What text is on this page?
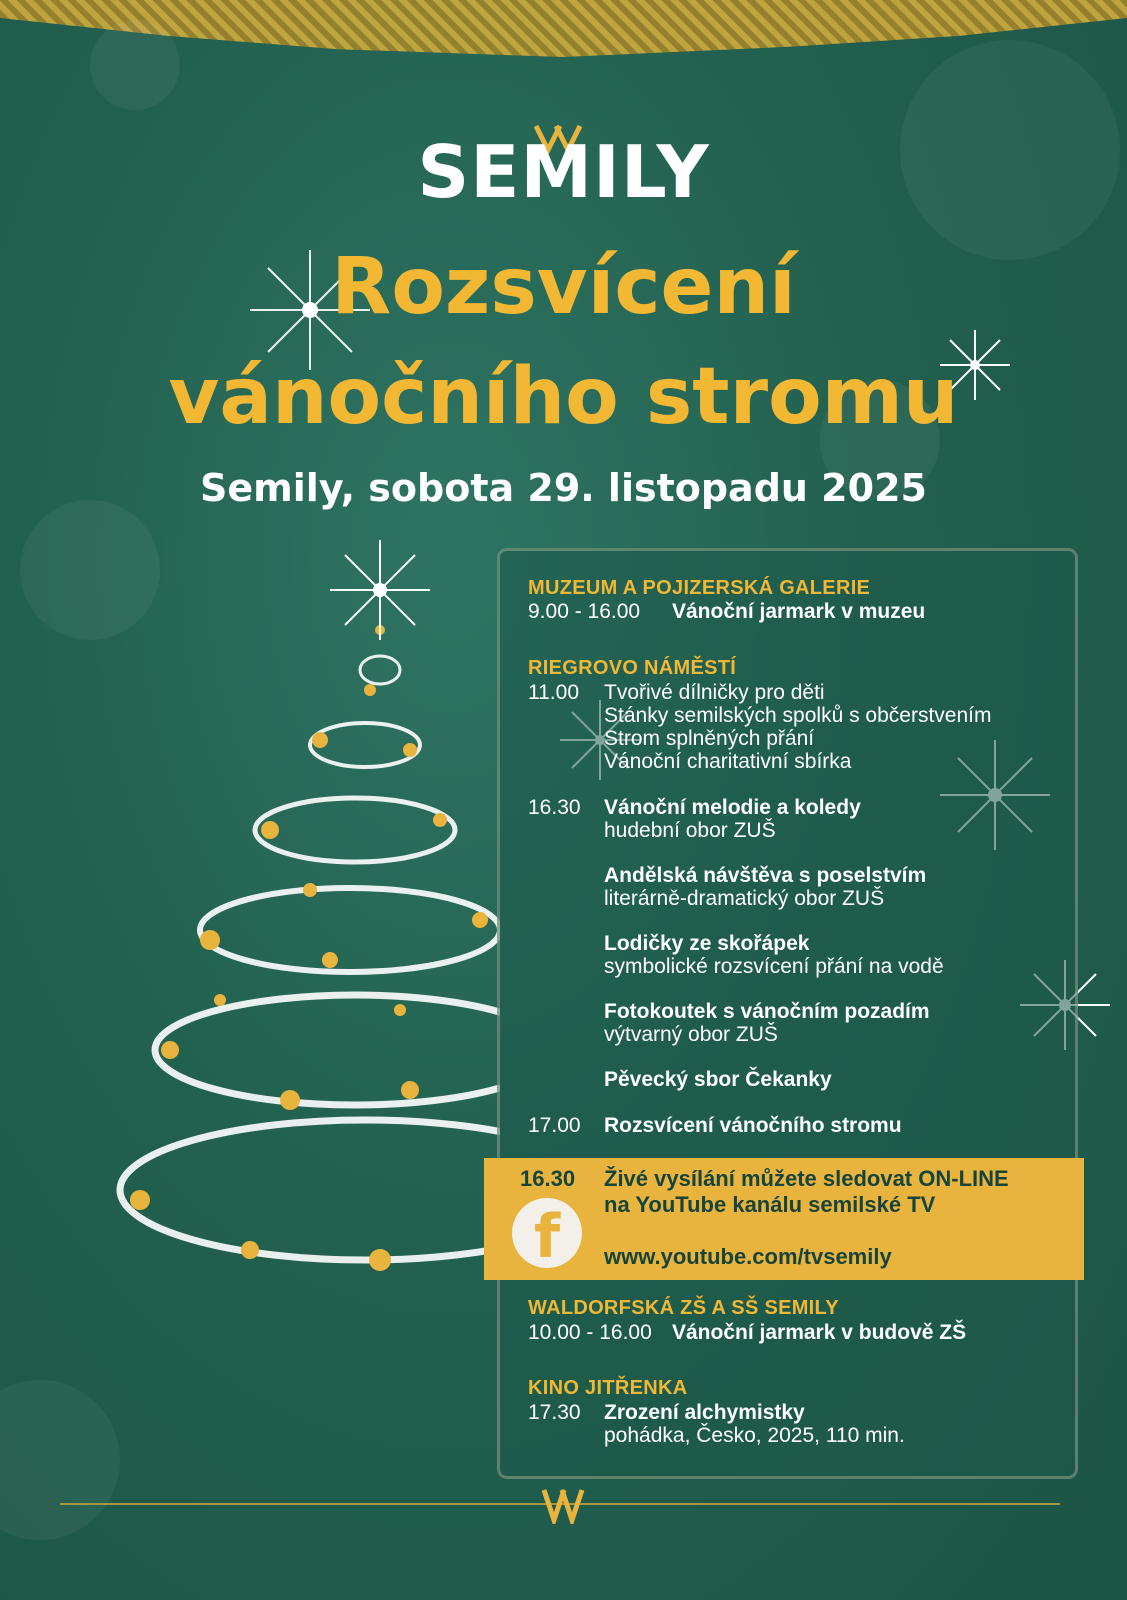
SEMILY
Rozsvícení
vánočního stromu
Semily, sobota 29. listopadu 2025
MUZEUM A POJIZERSKÁ GALERIE
9.00 - 16.00 Vánoční jarmark v muzeu
RIEGROVO NÁMĚSTÍ
11.00 Tvořivé dílničky pro děti
Stánky semilských spolků s občerstvením
Strom splněných přání
Vánoční charitativní sbírka
16.30 Vánoční melodie a koledy
hudební obor ZUŠ
Andělská návštěva s poselstvím
literárně-dramatický obor ZUŠ
Lodičky ze skořápek
symbolické rozsvícení přání na vodě
Fotokoutek s vánočním pozadím
výtvarný obor ZUŠ
Pěvecký sbor Čekanky
17.00 Rozsvícení vánočního stromu
16.30 Živé vysílání můžete sledovat ON-LINE
na YouTube kanálu semilské TV
www.youtube.com/tvsemily
f
WALDORFSKÁ ZŠ A SŠ SEMILY
10.00 - 16.00 Vánoční jarmark v budově ZŠ
KINO JITŘENKA
17.30 Zrození alchymistky
pohádka, Česko, 2025, 110 min.
